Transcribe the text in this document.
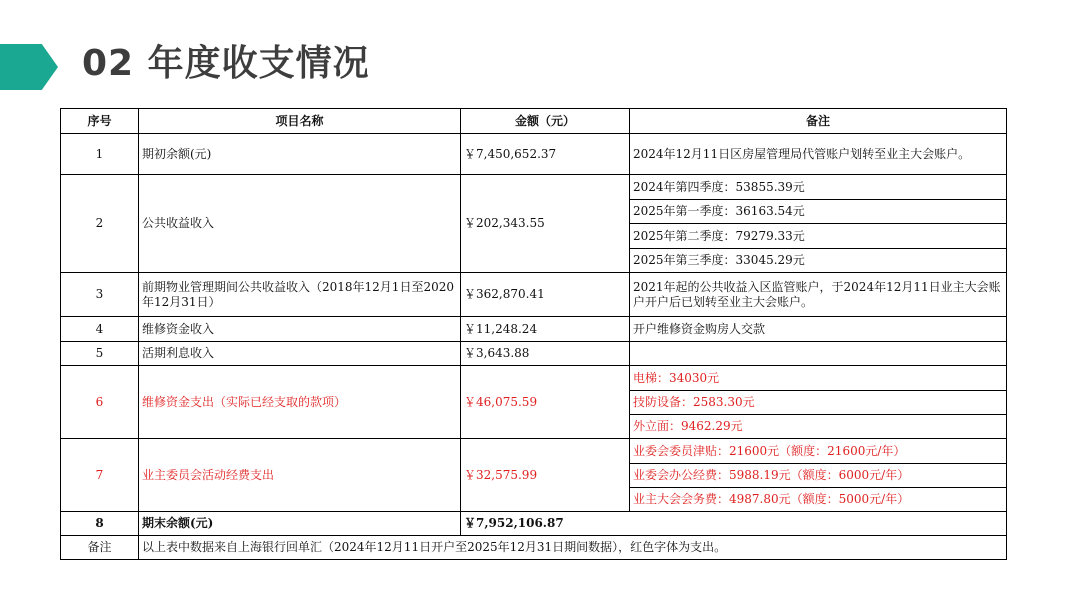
02 年度收支情况
序号	项目名称	金额（元）	备注
1	期初余额(元)	￥7,450,652.37	2024年12月11日区房屋管理局代管账户划转至业主大会账户。
2	公共收益收入	￥202,343.55	2024年第四季度：53855.39元
			2025年第一季度：36163.54元
			2025年第二季度：79279.33元
			2025年第三季度：33045.29元
3	前期物业管理期间公共收益收入（2018年12月1日至2020年12月31日）	￥362,870.41	2021年起的公共收益入区监管账户，于2024年12月11日业主大会账户开户后已划转至业主大会账户。
4	维修资金收入	￥11,248.24	开户维修资金购房人交款
5	活期利息收入	￥3,643.88	
6	维修资金支出（实际已经支取的款项）	￥46,075.59	电梯：34030元
			技防设备：2583.30元
			外立面：9462.29元
7	业主委员会活动经费支出	￥32,575.99	业委会委员津贴：21600元（额度：21600元/年）
			业委会办公经费：5988.19元（额度：6000元/年）
			业主大会会务费：4987.80元（额度：5000元/年）
8	期末余额(元)	￥7,952,106.87	
备注	以上表中数据来自上海银行回单汇（2024年12月11日开户至2025年12月31日期间数据），红色字体为支出。		
